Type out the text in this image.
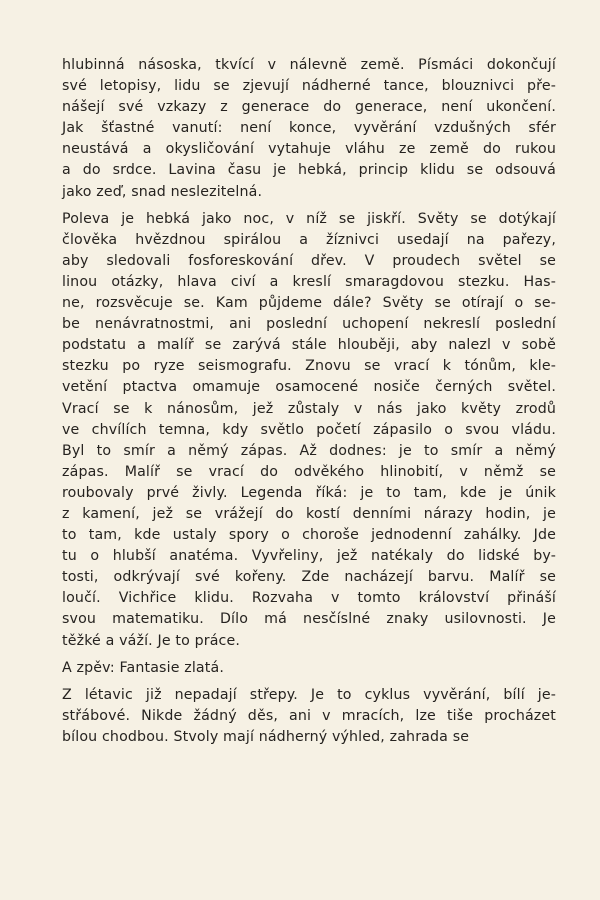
hlubinná násoska, tkvící v nálevně země. Písmáci dokončují
své letopisy, lidu se zjevují nádherné tance, blouznivci pře-
nášejí své vzkazy z generace do generace, není ukončení.
Jak šťastné vanutí: není konce, vyvěrání vzdušných sfér
neustává a okysličování vytahuje vláhu ze země do rukou
a do srdce. Lavina času je hebká, princip klidu se odsouvá
jako zeď, snad neslezitelná.
Poleva je hebká jako noc, v níž se jiskří. Světy se dotýkají
člověka hvězdnou spirálou a žíznivci usedají na pařezy,
aby sledovali fosforeskování dřev. V proudech světel se
linou otázky, hlava civí a kreslí smaragdovou stezku. Has-
ne, rozsvěcuje se. Kam půjdeme dále? Světy se otírají o se-
be nenávratnostmi, ani poslední uchopení nekreslí poslední
podstatu a malíř se zarývá stále hlouběji, aby nalezl v sobě
stezku po ryze seismografu. Znovu se vrací k tónům, kle-
vetění ptactva omamuje osamocené nosiče černých světel.
Vrací se k nánosům, jež zůstaly v nás jako květy zrodů
ve chvílích temna, kdy světlo početí zápasilo o svou vládu.
Byl to smír a němý zápas. Až dodnes: je to smír a němý
zápas. Malíř se vrací do odvěkého hlinobití, v němž se
roubovaly prvé živly. Legenda říká: je to tam, kde je únik
z kamení, jež se vrážejí do kostí denními nárazy hodin, je
to tam, kde ustaly spory o choroše jednodenní zahálky. Jde
tu o hlubší anatéma. Vyvřeliny, jež natékaly do lidské by-
tosti, odkrývají své kořeny. Zde nacházejí barvu. Malíř se
loučí. Vichřice klidu. Rozvaha v tomto království přináší
svou matematiku. Dílo má nesčíslné znaky usilovnosti. Je
těžké a váží. Je to práce.
A zpěv: Fantasie zlatá.
Z létavic již nepadají střepy. Je to cyklus vyvěrání, bílí je-
střábové. Nikde žádný děs, ani v mracích, lze tiše procházet
bílou chodbou. Stvoly mají nádherný výhled, zahrada se
